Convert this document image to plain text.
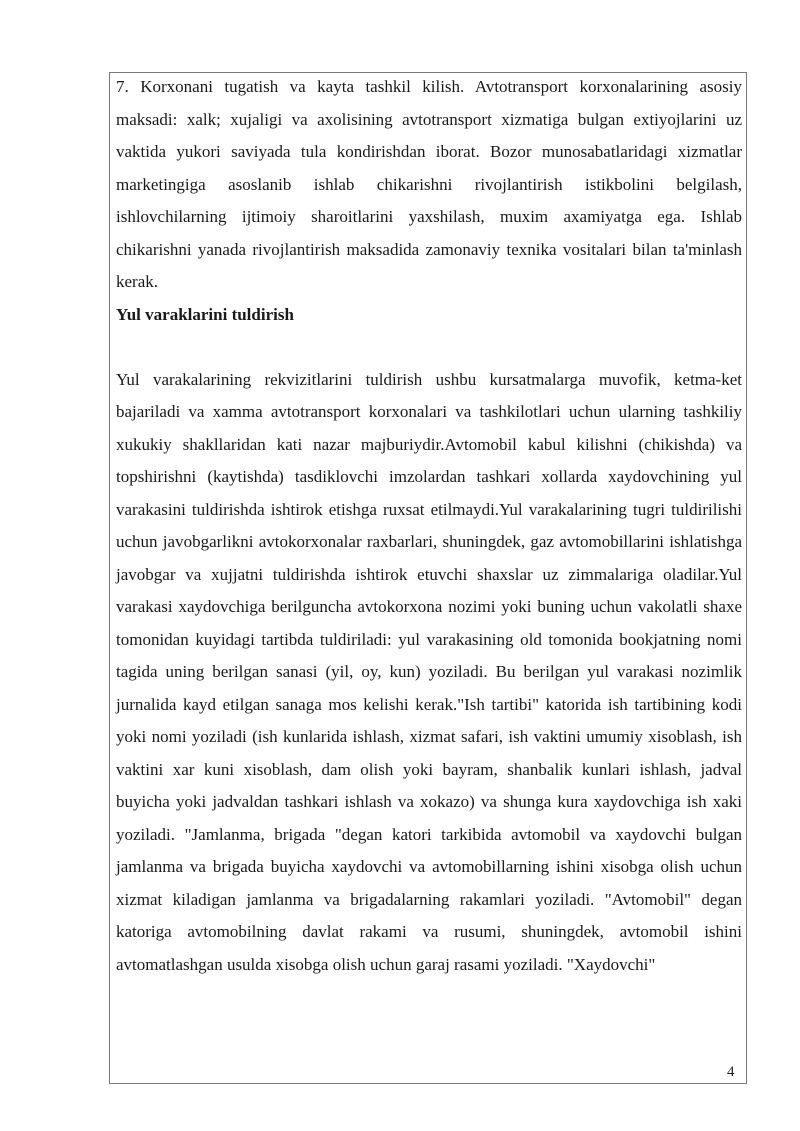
7. Korxonani tugatish va kayta tashkil kilish. Avtotransport korxonalarining asosiy maksadi: xalk; xujaligi va axolisining avtotransport xizmatiga bulgan extiyojlarini uz vaktida yukori saviyada tula kondirishdan iborat. Bozor munosabatlaridagi xizmatlar marketingiga asoslanib ishlab chikarishni rivojlantirish istikbolini belgilash, ishlovchilarning ijtimoiy sharoitlarini yaxshilash, muxim axamiyatga ega. Ishlab chikarishni yanada rivojlantirish maksadida zamonaviy texnika vositalari bilan ta'minlash kerak.

Yul varaklarini tuldirish

Yul varakalarining rekvizitlarini tuldirish ushbu kursatmalarga muvofik, ketma-ket bajariladi va xamma avtotransport korxonalari va tashkilotlari uchun ularning tashkiliy xukukiy shakllaridan kati nazar majburiydir.Avtomobil kabul kilishni (chikishda) va topshirishni (kaytishda) tasdiklovchi imzolardan tashkari xollarda xaydovchining yul varakasini tuldirishda ishtirok etishga ruxsat etilmaydi.Yul varakalarining tugri tuldirilishi uchun javobgarlikni avtokorxonalar raxbarlari, shuningdek, gaz avtomobillarini ishlatishga javobgar va xujjatni tuldirishda ishtirok etuvchi shaxslar uz zimmalariga oladilar.Yul varakasi xaydovchiga berilguncha avtokorxona nozimi yoki buning uchun vakolatli shaxe tomonidan kuyidagi tartibda tuldiriladi: yul varakasining old tomonida bookjatning nomi tagida uning berilgan sanasi (yil, oy, kun) yoziladi. Bu berilgan yul varakasi nozimlik jurnalida kayd etilgan sanaga mos kelishi kerak."Ish tartibi" katorida ish tartibining kodi yoki nomi yoziladi (ish kunlarida ishlash, xizmat safari, ish vaktini umumiy xisoblash, ish vaktini xar kuni xisoblash, dam olish yoki bayram, shanbalik kunlari ishlash, jadval buyicha yoki jadvaldan tashkari ishlash va xokazo) va shunga kura xaydovchiga ish xaki yoziladi. "Jamlanma, brigada "degan katori tarkibida avtomobil va xaydovchi bulgan jamlanma va brigada buyicha xaydovchi va avtomobillarning ishini xisobga olish uchun xizmat kiladigan jamlanma va brigadalarning rakamlari yoziladi. "Avtomobil" degan katoriga avtomobilning davlat rakami va rusumi, shuningdek, avtomobil ishini avtomatlashgan usulda xisobga olish uchun garaj rasami yoziladi. "Xaydovchi"

4
